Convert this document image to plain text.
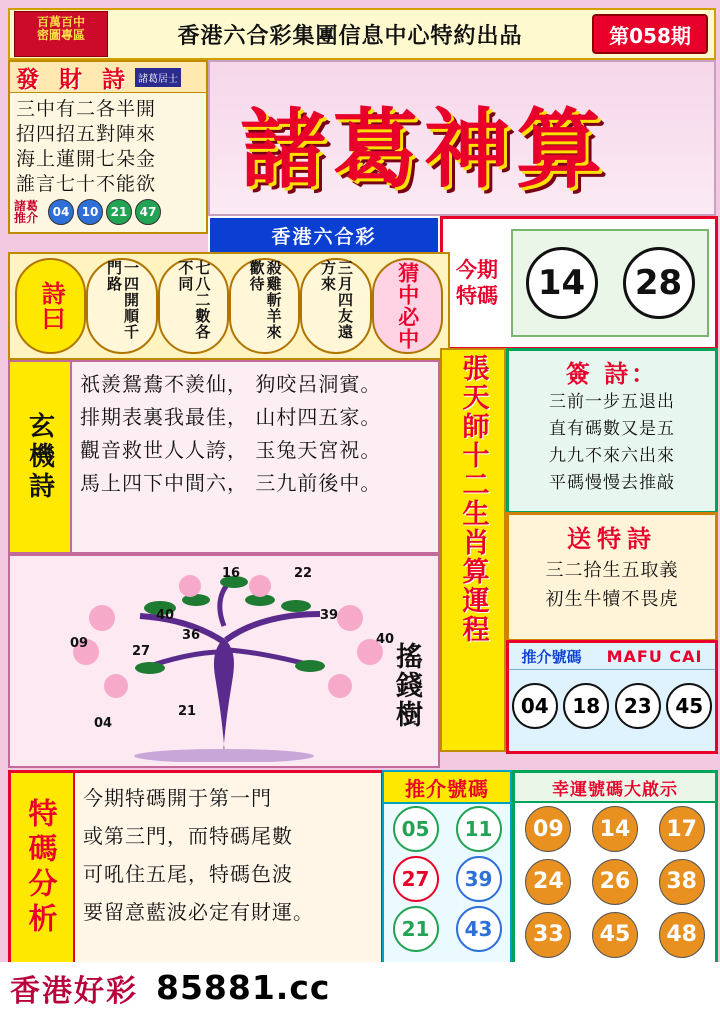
百萬百中
密圖專區	香港六合彩集團信息中心特約出品	第058期
發 財 詩 諸葛居士
三中有二各半開
招四招五對陣來
海上蓮開七朵金
誰言七十不能欲
諸葛推介	04	10	21	47
諸葛神算
香港六合彩
今期特碼	14	28
詩曰	一四開順千門路	七八二數各不同	殺雞斬羊來歡待	三月四友遠方來	猜中必中
玄機詩
祇羨鴛鴦不羨仙， 狗咬呂洞賓。
排期表裏我最佳， 山村四五家。
觀音救世人人誇， 玉兔天宮祝。
馬上四下中間六， 三九前後中。
16	22
40	39
36
09
27
40
21
04	搖錢樹
張天師十二生肖算運程	簽 詩：
三前一步五退出
直有碼數又是五
九九不來六出來
平碼慢慢去推敲
送特詩
三二拾生五取義
初生牛犢不畏虎
推介號碼 MAFU CAI
04	18	23	45
特碼分析 今期特碼開于第一門
或第三門，而特碼尾數
可吼住五尾，特碼色波
要留意藍波必定有財運。
推介號碼
05	11
27	39
21	43
幸運號碼大啟示
09	14	17
24	26	38
33	45	48
香港好彩 85881.cc
